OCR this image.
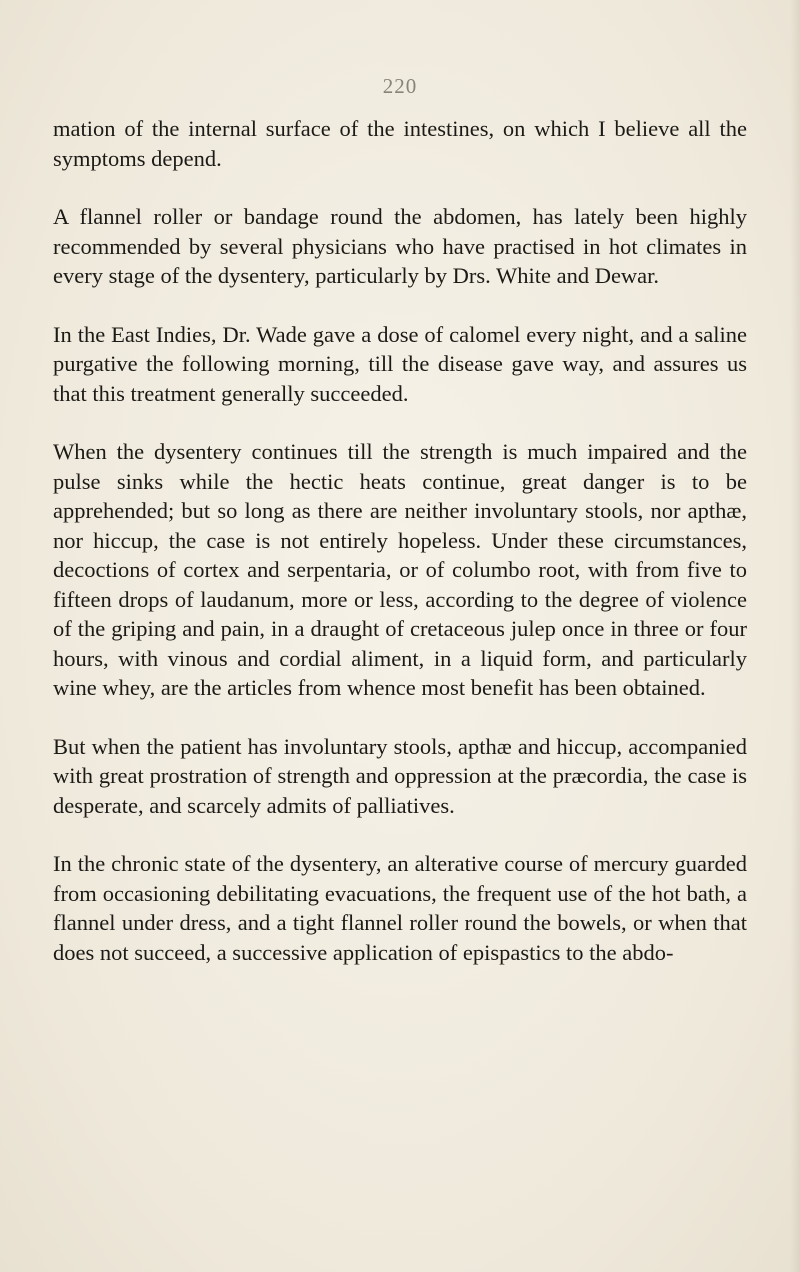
220

mation of the internal surface of the intestines, on which I believe all the symptoms depend.

A flannel roller or bandage round the abdomen, has lately been highly recommended by several physicians who have practised in hot climates in every stage of the dysentery, particularly by Drs. White and Dewar.

In the East Indies, Dr. Wade gave a dose of calomel every night, and a saline purgative the following morning, till the disease gave way, and assures us that this treatment generally succeeded.

When the dysentery continues till the strength is much impaired and the pulse sinks while the hectic heats continue, great danger is to be apprehended; but so long as there are neither involuntary stools, nor apthæ, nor hiccup, the case is not entirely hopeless. Under these circumstances, decoctions of cortex and serpentaria, or of columbo root, with from five to fifteen drops of laudanum, more or less, according to the degree of violence of the griping and pain, in a draught of cretaceous julep once in three or four hours, with vinous and cordial aliment, in a liquid form, and particularly wine whey, are the articles from whence most benefit has been obtained.

But when the patient has involuntary stools, apthæ and hiccup, accompanied with great prostration of strength and oppression at the præcordia, the case is desperate, and scarcely admits of palliatives.

In the chronic state of the dysentery, an alterative course of mercury guarded from occasioning debilitating evacuations, the frequent use of the hot bath, a flannel under dress, and a tight flannel roller round the bowels, or when that does not succeed, a successive application of epispastics to the abdo-
